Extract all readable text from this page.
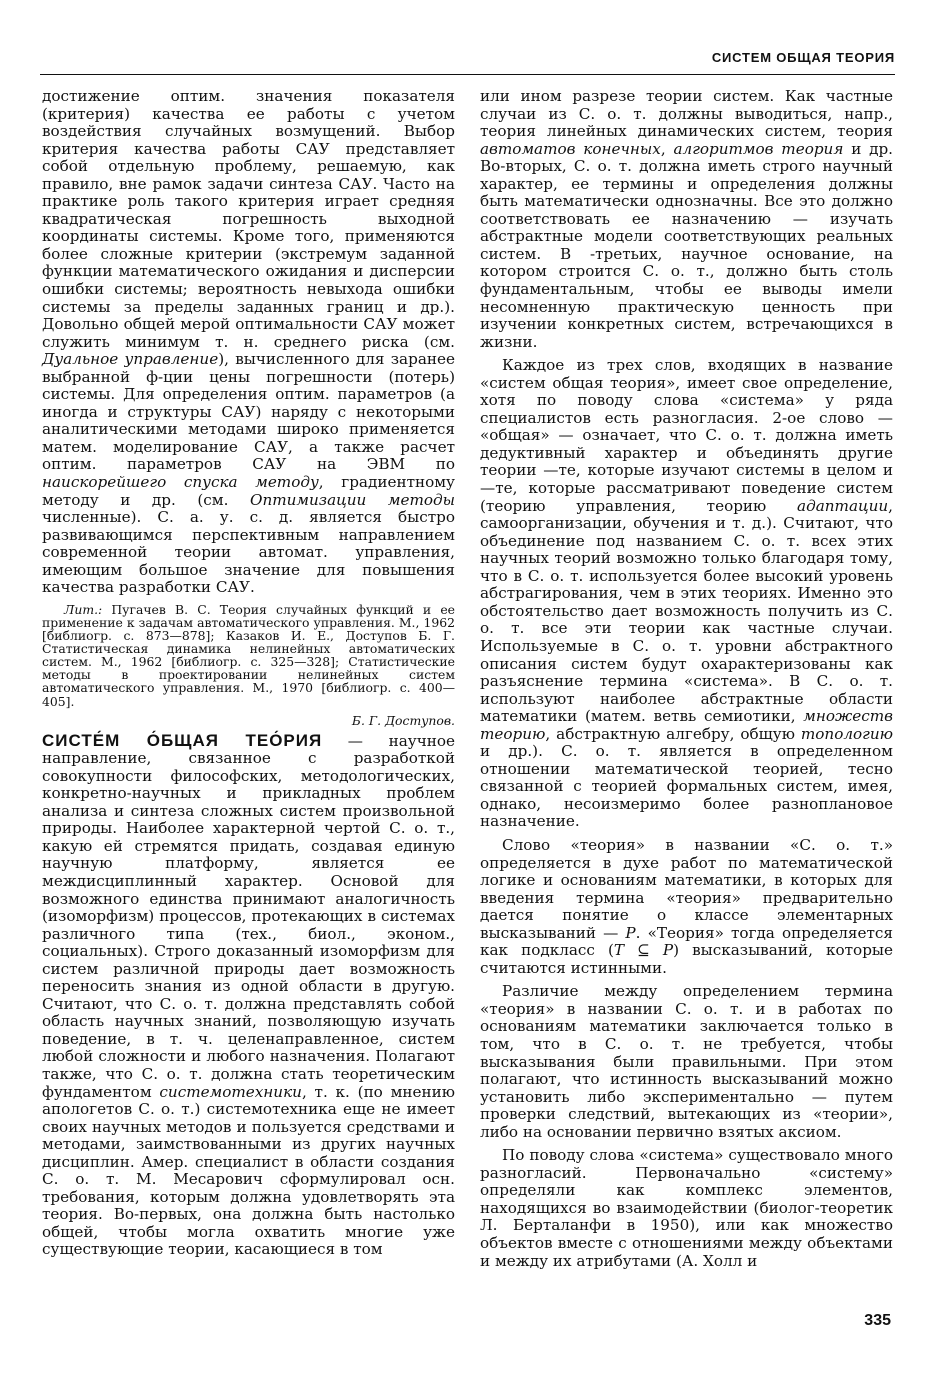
СИСТЕМ ОБЩАЯ ТЕОРИЯ

достижение оптим. значения показателя (критерия) качества ее работы с учетом воздействия случайных возмущений. Выбор критерия качества работы САУ представляет собой отдельную проблему, решаемую, как правило, вне рамок задачи синтеза САУ. Часто на практике роль такого критерия играет средняя квадратическая погрешность выходной координаты системы. Кроме того, применяются более сложные критерии (экстремум заданной функции математического ожидания и дисперсии ошибки системы; вероятность невыхода ошибки системы за пределы заданных границ и др.). Довольно общей мерой оптимальности САУ может служить минимум т. н. среднего риска (см. Дуальное управление), вычисленного для заранее выбранной ф-ции цены погрешности (потерь) системы. Для определения оптим. параметров (а иногда и структуры САУ) наряду с некоторыми аналитическими методами широко применяется матем. моделирование САУ, а также расчет оптим. параметров САУ на ЭВМ по наискорейшего спуска методу, градиентному методу и др. (см. Оптимизации методы численные). С. а. у. с. д. является быстро развивающимся перспективным направлением современной теории автомат. управления, имеющим большое значение для повышения качества разработки САУ.

Лит.: Пугачев В. С. Теория случайных функций и ее применение к задачам автоматического управления. М., 1962 [библиогр. с. 873—878]; Казаков И. Е., Доступов Б. Г. Статистическая динамика нелинейных автоматических систем. М., 1962 [библиогр. с. 325—328]; Статистические методы в проектировании нелинейных систем автоматического управления. М., 1970 [библиогр. с. 400—405].

Б. Г. Доступов.

СИСТЕ́М О́БЩАЯ ТЕО́РИЯ — научное направление, связанное с разработкой совокупности философских, методологических, конкретно-научных и прикладных проблем анализа и синтеза сложных систем произвольной природы. Наиболее характерной чертой С. о. т., какую ей стремятся придать, создавая единую научную платформу, является ее междисциплинный характер. Основой для возможного единства принимают аналогичность (изоморфизм) процессов, протекающих в системах различного типа (тех., биол., эконом., социальных). Строго доказанный изоморфизм для систем различной природы дает возможность переносить знания из одной области в другую. Считают, что С. о. т. должна представлять собой область научных знаний, позволяющую изучать поведение, в т. ч. целенаправленное, систем любой сложности и любого назначения. Полагают также, что С. о. т. должна стать теоретическим фундаментом системотехники, т. к. (по мнению апологетов С. о. т.) системотехника еще не имеет своих научных методов и пользуется средствами и методами, заимствованными из других научных дисциплин. Амер. специалист в области создания С. о. т. М. Месарович сформулировал осн. требования, которым должна удовлетворять эта теория. Во-первых, она должна быть настолько общей, чтобы могла охватить многие уже существующие теории, касающиеся в том

или ином разрезе теории систем. Как частные случаи из С. о. т. должны выводиться, напр., теория линейных динамических систем, теория автоматов конечных, алгоритмов теория и др. Во-вторых, С. о. т. должна иметь строго научный характер, ее термины и определения должны быть математически однозначны. Все это должно соответствовать ее назначению — изучать абстрактные модели соответствующих реальных систем. В -третьих, научное основание, на котором строится С. о. т., должно быть столь фундаментальным, чтобы ее выводы имели несомненную практическую ценность при изучении конкретных систем, встречающихся в жизни.

Каждое из трех слов, входящих в название «систем общая теория», имеет свое определение, хотя по поводу слова «система» у ряда специалистов есть разногласия. 2-ое слово — «общая» — означает, что С. о. т. должна иметь дедуктивный характер и объединять другие теории —те, которые изучают системы в целом и —те, которые рассматривают поведение систем (теорию управления, теорию адаптации, самоорганизации, обучения и т. д.). Считают, что объединение под названием С. о. т. всех этих научных теорий возможно только благодаря тому, что в С. о. т. используется более высокий уровень абстрагирования, чем в этих теориях. Именно это обстоятельство дает возможность получить из С. о. т. все эти теории как частные случаи. Используемые в С. о. т. уровни абстрактного описания систем будут охарактеризованы как разъяснение термина «система». В С. о. т. используют наиболее абстрактные области математики (матем. ветвь семиотики, множеств теорию, абстрактную алгебру, общую топологию и др.). С. о. т. является в определенном отношении математической теорией, тесно связанной с теорией формальных систем, имея, однако, несоизмеримо более разноплановое назначение.

Слово «теория» в названии «С. о. т.» определяется в духе работ по математической логике и основаниям математики, в которых для введения термина «теория» предварительно дается понятие о классе элементарных высказываний — P. «Теория» тогда определяется как подкласс (T ⊆ P) высказываний, которые считаются истинными.

Различие между определением термина «теория» в названии С. о. т. и в работах по основаниям математики заключается только в том, что в С. о. т. не требуется, чтобы высказывания были правильными. При этом полагают, что истинность высказываний можно установить либо экспериментально — путем проверки следствий, вытекающих из «теории», либо на основании первично взятых аксиом.

По поводу слова «система» существовало много разногласий. Первоначально «систему» определяли как комплекс элементов, находящихся во взаимодействии (биолог-теоретик Л. Берталанфи в 1950), или как множество объектов вместе с отношениями между объектами и между их атрибутами (А. Холл и

335
